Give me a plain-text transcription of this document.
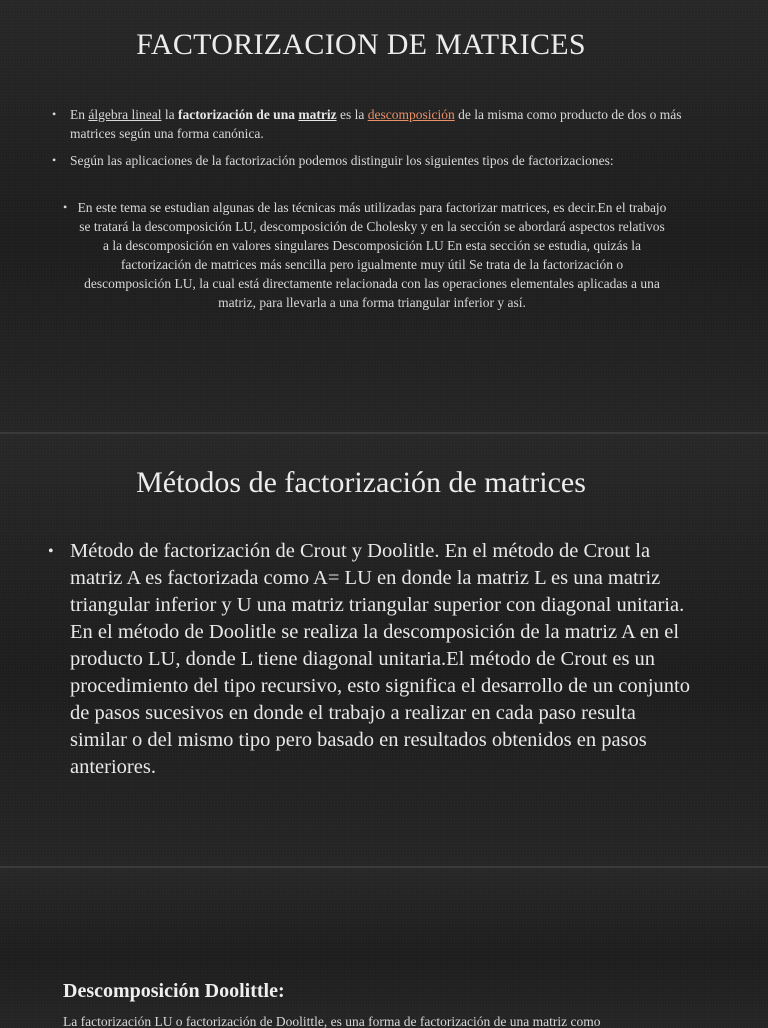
FACTORIZACION DE MATRICES
• En álgebra lineal la factorización de una matriz es la descomposición de la misma como producto de dos o más matrices según una forma canónica.
• Según las aplicaciones de la factorización podemos distinguir los siguientes tipos de factorizaciones:
• En este tema se estudian algunas de las técnicas más utilizadas para factorizar matrices, es decir.En el trabajo se tratará la descomposición LU, descomposición de Cholesky y en la sección se abordará aspectos relativos a la descomposición en valores singulares Descomposición LU En esta sección se estudia, quizás la factorización de matrices más sencilla pero igualmente muy útil Se trata de la factorización o descomposición LU, la cual está directamente relacionada con las operaciones elementales aplicadas a una matriz, para llevarla a una forma triangular inferior y así.
Métodos de factorización de matrices
• Método de factorización de Crout y Doolitle. En el método de Crout la matriz A es factorizada como A= LU en donde la matriz L es una matriz triangular inferior y U una matriz triangular superior con diagonal unitaria. En el método de Doolitle se realiza la descomposición de la matriz A en el producto LU, donde L tiene diagonal unitaria.El método de Crout es un procedimiento del tipo recursivo, esto significa el desarrollo de un conjunto de pasos sucesivos en donde el trabajo a realizar en cada paso resulta similar o del mismo tipo pero basado en resultados obtenidos en pasos anteriores.
Descomposición Doolittle:
La factorización LU o factorización de Doolittle, es una forma de factorización de una matriz como
